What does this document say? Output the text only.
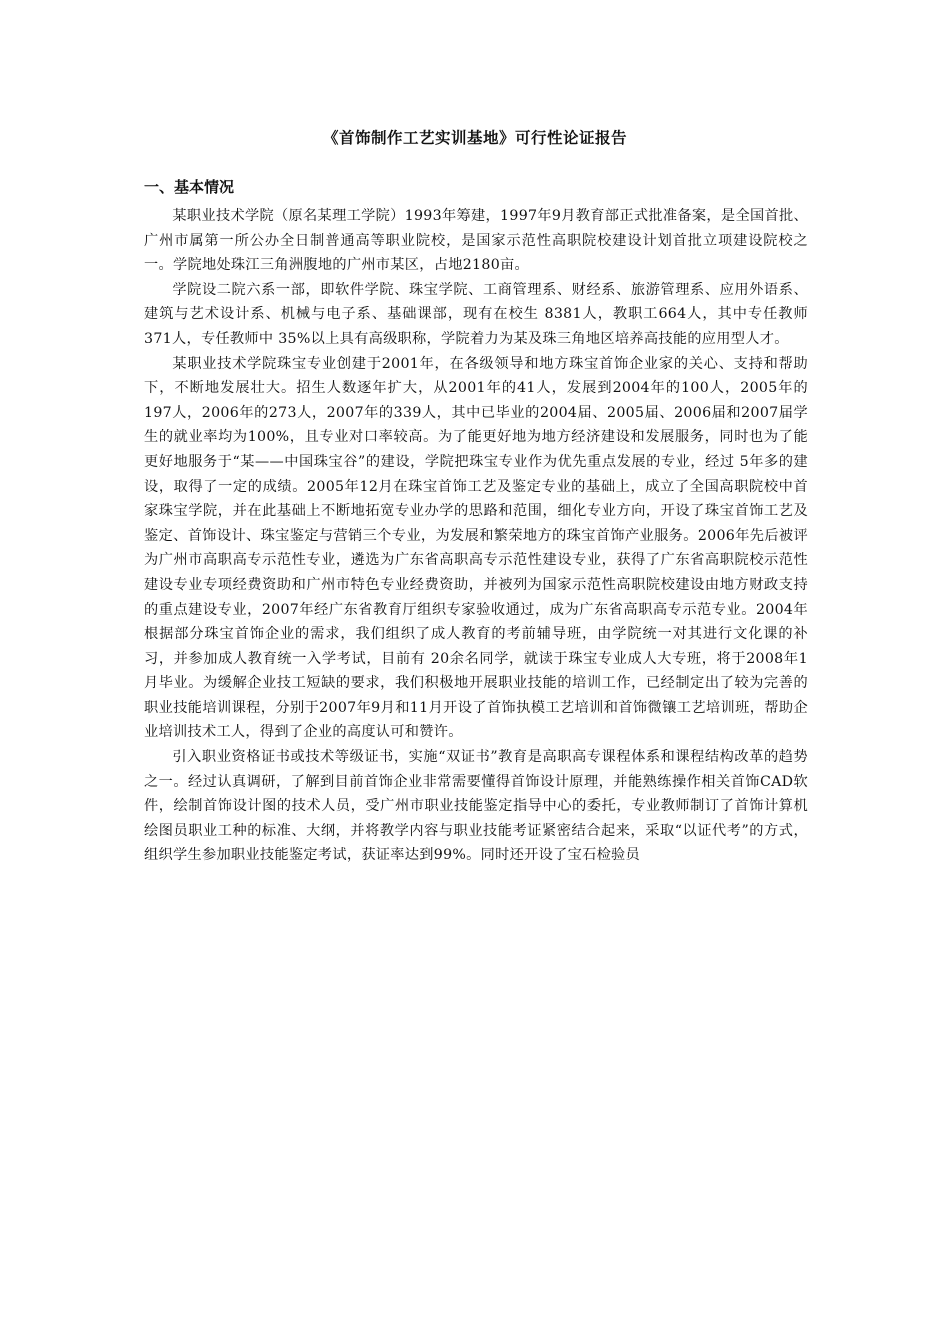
《首饰制作工艺实训基地》可行性论证报告
一、基本情况

某职业技术学院（原名某理工学院）1993年筹建，1997年9月教育部正式批准备案，是全国首批、广州市属第一所公办全日制普通高等职业院校，是国家示范性高职院校建设计划首批立项建设院校之一。学院地处珠江三角洲腹地的广州市某区，占地2180亩。

学院设二院六系一部，即软件学院、珠宝学院、工商管理系、财经系、旅游管理系、应用外语系、建筑与艺术设计系、机械与电子系、基础课部，现有在校生 8381人，教职工664人，其中专任教师 371人，专任教师中 35%以上具有高级职称，学院着力为某及珠三角地区培养高技能的应用型人才。

某职业技术学院珠宝专业创建于2001年，在各级领导和地方珠宝首饰企业家的关心、支持和帮助下，不断地发展壮大。招生人数逐年扩大，从2001年的41人，发展到2004年的100人，2005年的197人，2006年的273人，2007年的339人，其中已毕业的2004届、2005届、2006届和2007届学生的就业率均为100%，且专业对口率较高。为了能更好地为地方经济建设和发展服务，同时也为了能更好地服务于“某——中国珠宝谷”的建设，学院把珠宝专业作为优先重点发展的专业，经过 5年多的建设，取得了一定的成绩。2005年12月在珠宝首饰工艺及鉴定专业的基础上，成立了全国高职院校中首家珠宝学院，并在此基础上不断地拓宽专业办学的思路和范围，细化专业方向，开设了珠宝首饰工艺及鉴定、首饰设计、珠宝鉴定与营销三个专业，为发展和繁荣地方的珠宝首饰产业服务。2006年先后被评为广州市高职高专示范性专业，遴选为广东省高职高专示范性建设专业，获得了广东省高职院校示范性建设专业专项经费资助和广州市特色专业经费资助，并被列为国家示范性高职院校建设由地方财政支持的重点建设专业，2007年经广东省教育厅组织专家验收通过，成为广东省高职高专示范专业。2004年根据部分珠宝首饰企业的需求，我们组织了成人教育的考前辅导班，由学院统一对其进行文化课的补习，并参加成人教育统一入学考试，目前有 20余名同学，就读于珠宝专业成人大专班，将于2008年1月毕业。为缓解企业技工短缺的要求，我们积极地开展职业技能的培训工作，已经制定出了较为完善的职业技能培训课程，分别于2007年9月和11月开设了首饰执模工艺培训和首饰微镶工艺培训班，帮助企业培训技术工人，得到了企业的高度认可和赞许。

引入职业资格证书或技术等级证书，实施“双证书”教育是高职高专课程体系和课程结构改革的趋势之一。经过认真调研，了解到目前首饰企业非常需要懂得首饰设计原理，并能熟练操作相关首饰CAD软件，绘制首饰设计图的技术人员，受广州市职业技能鉴定指导中心的委托，专业教师制订了首饰计算机绘图员职业工种的标准、大纲，并将教学内容与职业技能考证紧密结合起来，采取“以证代考”的方式，组织学生参加职业技能鉴定考试，获证率达到99%。同时还开设了宝石检验员
